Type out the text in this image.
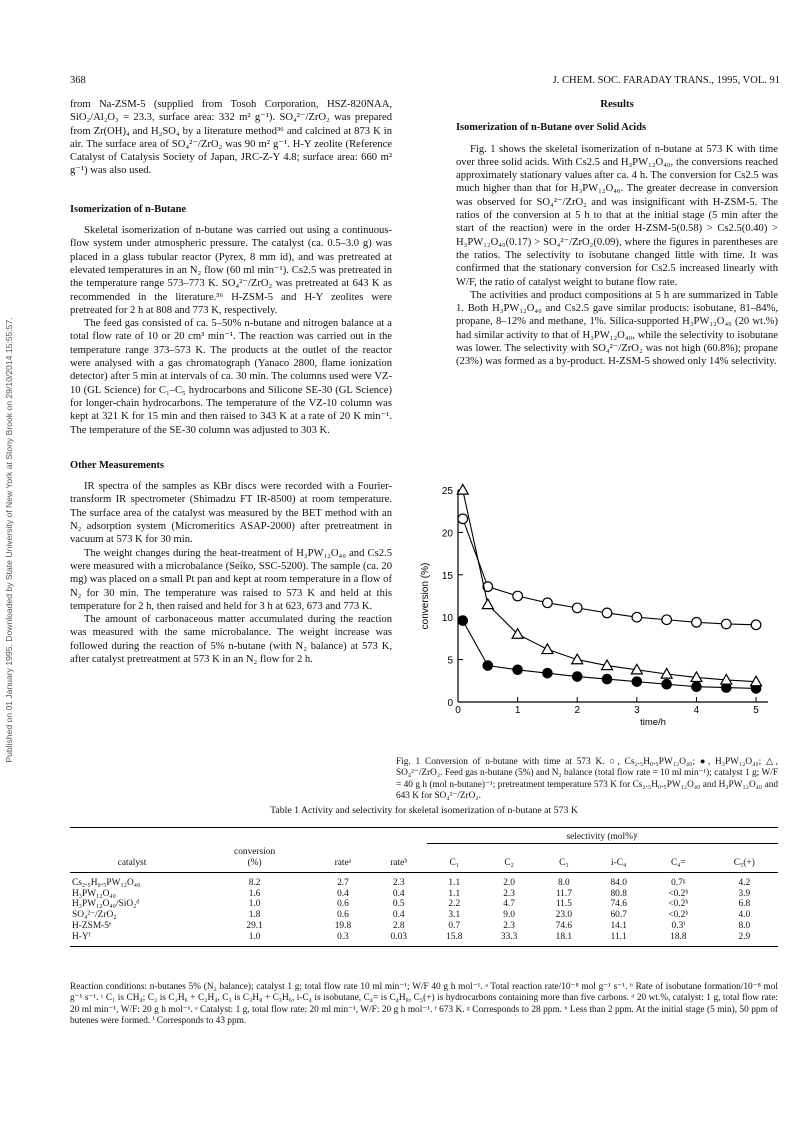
368	J. CHEM. SOC. FARADAY TRANS., 1995, VOL. 91
Published on 01 January 1995. Downloaded by State University of New York at Stony Brook on 29/10/2014 15:55:57.

from Na-ZSM-5 (supplied from Tosoh Corporation, HSZ-820NAA, SiO₂/Al₂O₃ = 23.3, surface area: 332 m² g⁻¹). SO₄²⁻/ZrO₂ was prepared from Zr(OH)₄ and H₂SO₄ by a literature method³⁶ and calcined at 873 K in air. The surface area of SO₄²⁻/ZrO₂ was 90 m² g⁻¹. H-Y zeolite (Reference Catalyst of Catalysis Society of Japan, JRC-Z-Y 4.8; surface area: 660 m² g⁻¹) was also used.

Isomerization of n-Butane

Skeletal isomerization of n-butane was carried out using a continuous-flow system under atmospheric pressure. The catalyst (ca. 0.5–3.0 g) was placed in a glass tubular reactor (Pyrex, 8 mm id), and was pretreated at elevated temperatures in an N₂ flow (60 ml min⁻¹). Cs2.5 was pretreated in the temperature range 573–773 K. SO₄²⁻/ZrO₂ was pretreated at 643 K as recommended in the literature.³⁶ H-ZSM-5 and H-Y zeolites were pretreated for 2 h at 808 and 773 K, respectively.

The feed gas consisted of ca. 5–50% n-butane and nitrogen balance at a total flow rate of 10 or 20 cm³ min⁻¹. The reaction was carried out in the temperature range 373–573 K. The products at the outlet of the reactor were analysed with a gas chromatograph (Yanaco 2800, flame ionization detector) after 5 min at intervals of ca. 30 min. The columns used were VZ-10 (GL Science) for C₁–C₅ hydrocarbons and Silicone SE-30 (GL Science) for longer-chain hydrocarbons. The temperature of the VZ-10 column was kept at 321 K for 15 min and then raised to 343 K at a rate of 20 K min⁻¹. The temperature of the SE-30 column was adjusted to 303 K.

Other Measurements

IR spectra of the samples as KBr discs were recorded with a Fourier-transform IR spectrometer (Shimadzu FT IR-8500) at room temperature. The surface area of the catalyst was measured by the BET method with an N₂ adsorption system (Micromeritics ASAP-2000) after pretreatment in vacuum at 573 K for 30 min.

The weight changes during the heat-treatment of H₃PW₁₂O₄₀ and Cs2.5 were measured with a microbalance (Seiko, SSC-5200). The sample (ca. 20 mg) was placed on a small Pt pan and kept at room temperature in a flow of N₂ for 30 min. The temperature was raised to 573 K and held at this temperature for 2 h, then raised and held for 3 h at 623, 673 and 773 K.

The amount of carbonaceous matter accumulated during the reaction was measured with the same microbalance. The weight increase was followed during the reaction of 5% n-butane (with N₂ balance) at 573 K, after catalyst pretreatment at 573 K in an N₂ flow for 2 h.

Results

Isomerization of n-Butane over Solid Acids

Fig. 1 shows the skeletal isomerization of n-butane at 573 K with time over three solid acids. With Cs2.5 and H₃PW₁₂O₄₀, the conversions reached approximately stationary values after ca. 4 h. The conversion for Cs2.5 was much higher than that for H₃PW₁₂O₄₀. The greater decrease in conversion was observed for SO₄²⁻/ZrO₂ and was insignificant with H-ZSM-5. The ratios of the conversion at 5 h to that at the initial stage (5 min after the start of the reaction) were in the order H-ZSM-5(0.58) > Cs2.5(0.40) > H₃PW₁₂O₄₀(0.17) > SO₄²⁻/ZrO₂(0.09), where the figures in parentheses are the ratios. The selectivity to isobutane changed little with time. It was confirmed that the stationary conversion for Cs2.5 increased linearly with W/F, the ratio of catalyst weight to butane flow rate.

The activities and product compositions at 5 h are summarized in Table 1. Both H₃PW₁₂O₄₀ and Cs2.5 gave similar products: isobutane, 81–84%, propane, 8–12% and methane, 1%. Silica-supported H₃PW₁₂O₄₀ (20 wt.%) had similar activity to that of H₃PW₁₂O₄₀, while the selectivity to isobutane was lower. The selectivity with SO₄²⁻/ZrO₂ was not high (60.8%); propane (23%) was formed as a by-product. H-ZSM-5 showed only 14% selectivity.

0
5
10
15
20
25
0	1	2	3	4	5
time/h
conversion (%)
Fig. 1 Conversion of n-butane with time at 573 K. ○, Cs₂.₅H₀.₅PW₁₂O₄₀; ●, H₃PW₁₂O₄₀; △, SO₄²⁻/ZrO₂. Feed gas n-butane (5%) and N₂ balance (total flow rate = 10 ml min⁻¹); catalyst 1 g; W/F = 40 g h (mol n-butane)⁻¹; pretreatment temperature 573 K for Cs₂.₅H₀.₅PW₁₂O₄₀ and H₃PW₁₂O₄₀ and 643 K for SO₄²⁻/ZrO₂.
Table 1 Activity and selectivity for skeletal isomerization of n-butane at 573 K
				selectivity (mol%)ᶜ					
	conversion								
catalyst	(%)	rateᵃ	rateᵇ	C₁	C₂	C₃	i-C₄	C₄=	C₅(+)
Cs₂.₅H₀.₅PW₁₂O₄₀	8.2	2.7	2.3	1.1	2.0	8.0	84.0	0.7ᵍ	4.2
H₃PW₁₂O₄₀	1.6	0.4	0.4	1.1	2.3	11.7	80.8	<0.2ʰ	3.9
H₃PW₁₂O₄₀/SiO₂ᵈ	1.0	0.6	0.5	2.2	4.7	11.5	74.6	<0.2ʰ	6.8
SO₄²⁻/ZrO₂	1.8	0.6	0.4	3.1	9.0	23.0	60.7	<0.2ʰ	4.0
H-ZSM-5ᵉ	29.1	19.8	2.8	0.7	2.3	74.6	14.1	0.3ⁱ	8.0
H-Yᶠ	1.0	0.3	0.03	15.8	33.3	18.1	11.1	18.8	2.9
Reaction conditions: n-butanes 5% (N₂ balance); catalyst 1 g; total flow rate 10 ml min⁻¹; W/F 40 g h mol⁻¹. ᵃ Total reaction rate/10⁻⁸ mol g⁻¹ s⁻¹. ᵇ Rate of isobutane formation/10⁻⁸ mol g⁻¹ s⁻¹. ᶜ C₁ is CH₄; C₂ is C₂H₆ + C₂H₄, C₃ is C₃H₈ + C₃H₆, i-C₄ is isobutane, C₄= is C₄H₈, C₅(+) is hydrocarbons containing more than five carbons. ᵈ 20 wt.%, catalyst: 1 g, total flow rate: 20 ml min⁻¹, W/F: 20 g h mol⁻¹. ᵉ Catalyst: 1 g, total flow rate: 20 ml min⁻¹, W/F: 20 g h mol⁻¹. ᶠ 673 K. ᵍ Corresponds to 28 ppm. ʰ Less than 2 ppm. At the initial stage (5 min), 50 ppm of butenes were formed. ⁱ Corresponds to 43 ppm.
